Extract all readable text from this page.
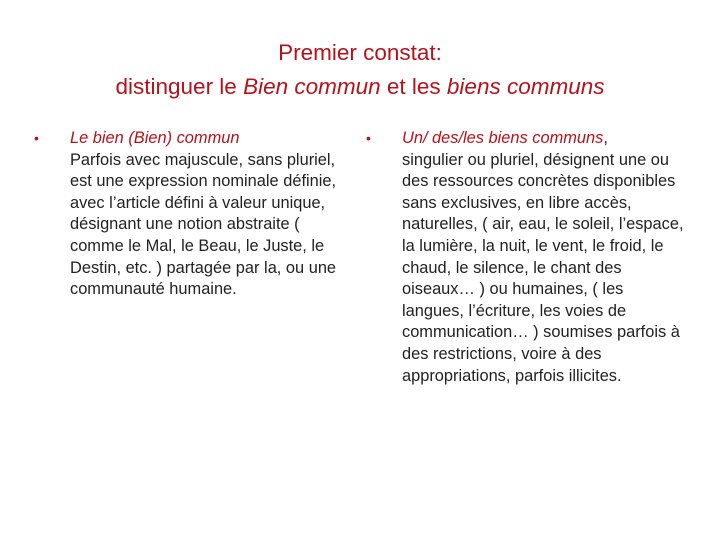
Premier constat:
distinguer le Bien commun et les biens communs
• Le bien (Bien) commun
Parfois avec majuscule, sans pluriel, est une expression nominale définie, avec l’article défini à valeur unique, désignant une notion abstraite ( comme le Mal, le Beau, le Juste, le Destin, etc. ) partagée par la, ou une communauté humaine.
• Un/ des/les biens communs,
singulier ou pluriel, désignent une ou des ressources concrètes disponibles sans exclusives, en libre accès, naturelles, ( air, eau, le soleil, l’espace, la lumière, la nuit, le vent, le froid, le chaud, le silence, le chant des oiseaux… ) ou humaines, ( les langues, l’écriture, les voies de communication… ) soumises parfois à des restrictions, voire à des appropriations, parfois illicites.
